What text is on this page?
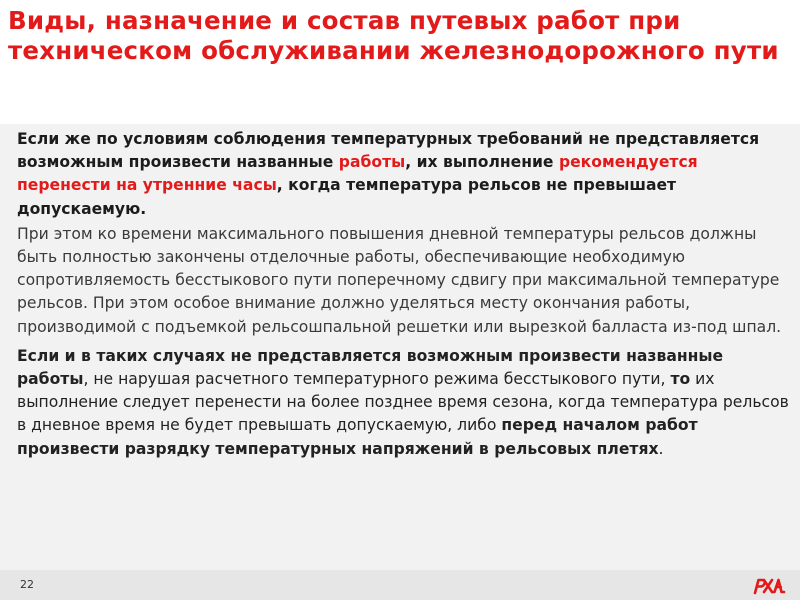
Виды, назначение и состав путевых работ при техническом обслуживании железнодорожного пути

Если же по условиям соблюдения температурных требований не представляется возможным произвести названные работы, их выполнение рекомендуется перенести на утренние часы, когда температура рельсов не превышает допускаемую.

При этом ко времени максимального повышения дневной температуры рельсов должны быть полностью закончены отделочные работы, обеспечивающие необходимую сопротивляемость бесстыкового пути поперечному сдвигу при максимальной температуре рельсов. При этом особое внимание должно уделяться месту окончания работы, производимой с подъемкой рельсошпальной решетки или вырезкой балласта из-под шпал.

Если и в таких случаях не представляется возможным произвести названные работы, не нарушая расчетного температурного режима бесстыкового пути, то их выполнение следует перенести на более позднее время сезона, когда температура рельсов в дневное время не будет превышать допускаемую, либо перед началом работ произвести разрядку температурных напряжений в рельсовых плетях.

22
